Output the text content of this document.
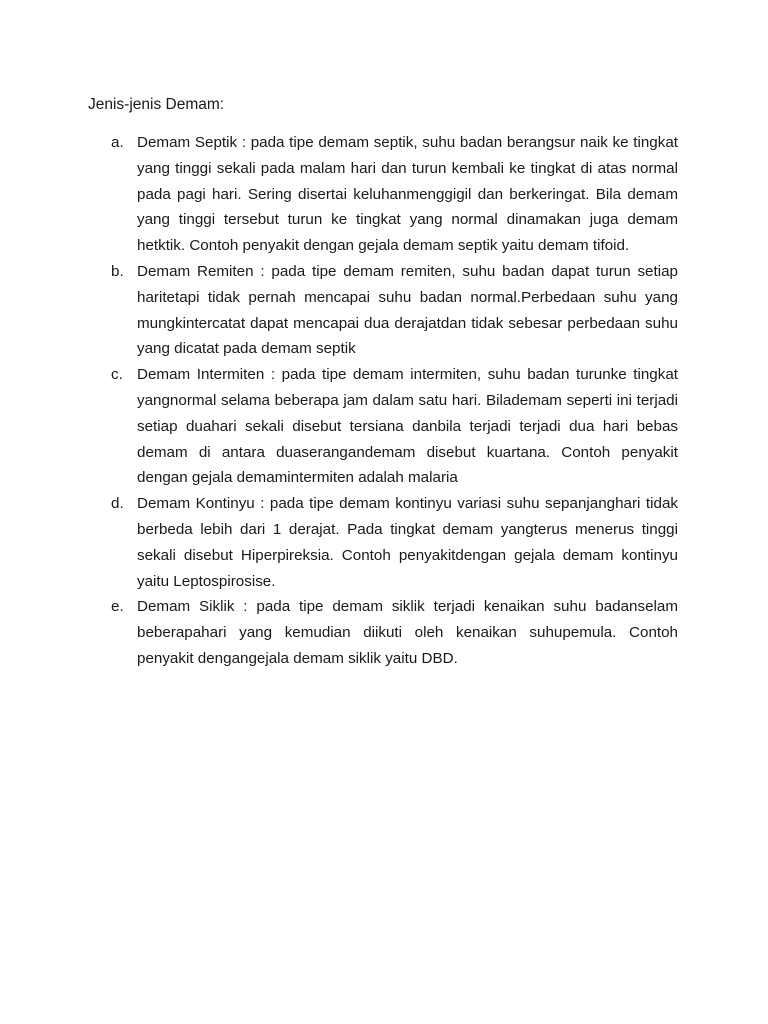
Jenis-jenis Demam:

a. Demam Septik : pada tipe demam septik, suhu badan berangsur naik ke tingkat yang tinggi sekali pada malam hari dan turun kembali ke tingkat di atas normal pada pagi hari. Sering disertai keluhanmenggigil dan berkeringat. Bila demam yang tinggi tersebut turun ke tingkat yang normal dinamakan juga demam hetktik. Contoh penyakit dengan gejala demam septik yaitu demam tifoid.
b. Demam Remiten : pada tipe demam remiten, suhu badan dapat turun setiap haritetapi tidak pernah mencapai suhu badan normal.Perbedaan suhu yang mungkintercatat dapat mencapai dua derajatdan tidak sebesar perbedaan suhu yang dicatat pada demam septik
c. Demam Intermiten : pada tipe demam intermiten, suhu badan turunke tingkat yangnormal selama beberapa jam dalam satu hari. Bilademam seperti ini terjadi setiap duahari sekali disebut tersiana danbila terjadi terjadi dua hari bebas demam di antara duaserangandemam disebut kuartana. Contoh penyakit dengan gejala demamintermiten adalah malaria
d. Demam Kontinyu : pada tipe demam kontinyu variasi suhu sepanjanghari tidak berbeda lebih dari 1 derajat. Pada tingkat demam yangterus menerus tinggi sekali disebut Hiperpireksia. Contoh penyakitdengan gejala demam kontinyu yaitu Leptospirosise.
e. Demam Siklik : pada tipe demam siklik terjadi kenaikan suhu badanselam beberapahari yang kemudian diikuti oleh kenaikan suhupemula. Contoh penyakit dengangejala demam siklik yaitu DBD.
